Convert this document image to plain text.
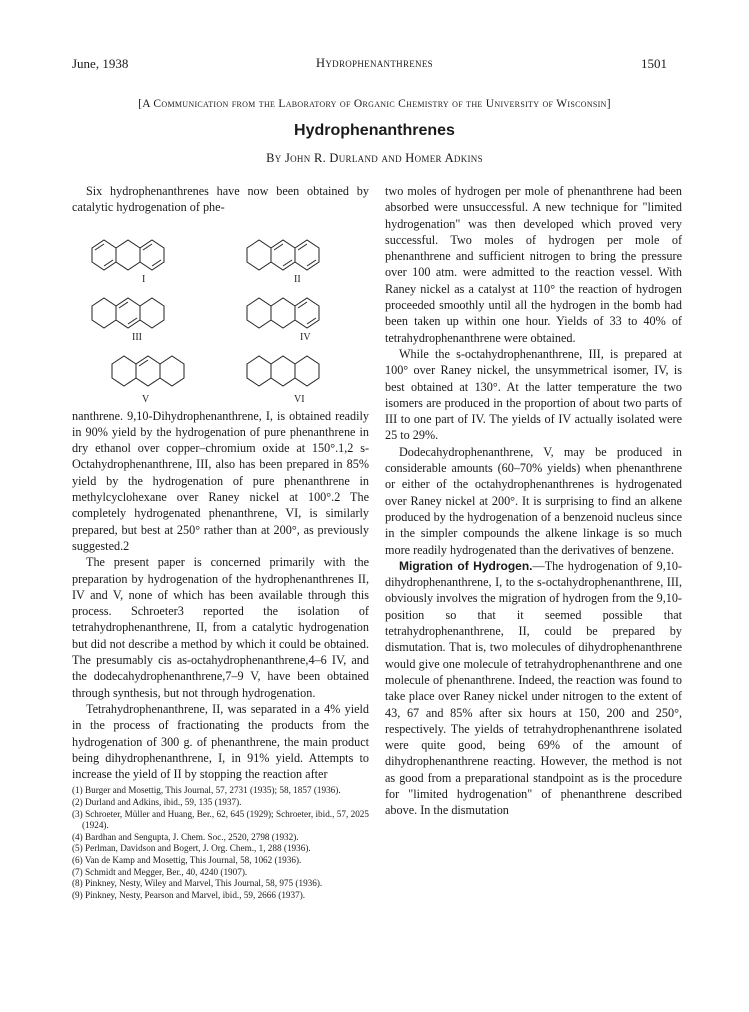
June, 1938	Hydrophenanthrenes	1501
[A Communication from the Laboratory of Organic Chemistry of the University of Wisconsin]
Hydrophenanthrenes
By John R. Durland and Homer Adkins

Six hydrophenanthrenes have now been obtained by catalytic hydrogenation of phe-

I	II
III	IV
V	VI

nanthrene. 9,10-Dihydrophenanthrene, I, is obtained readily in 90% yield by the hydrogenation of pure phenanthrene in dry ethanol over copper–chromium oxide at 150°.1,2 s-Octahydrophenanthrene, III, also has been prepared in 85% yield by the hydrogenation of pure phenanthrene in methylcyclohexane over Raney nickel at 100°.2 The completely hydrogenated phenanthrene, VI, is similarly prepared, but best at 250° rather than at 200°, as previously suggested.2

The present paper is concerned primarily with the preparation by hydrogenation of the hydrophenanthrenes II, IV and V, none of which has been available through this process. Schroeter3 reported the isolation of tetrahydrophenanthrene, II, from a catalytic hydrogenation but did not describe a method by which it could be obtained. The presumably cis as-octahydrophenanthrene,4–6 IV, and the dodecahydrophenanthrene,7–9 V, have been obtained through synthesis, but not through hydrogenation.

Tetrahydrophenanthrene, II, was separated in a 4% yield in the process of fractionating the products from the hydrogenation of 300 g. of phenanthrene, the main product being dihydrophenanthrene, I, in 91% yield. Attempts to increase the yield of II by stopping the reaction after

(1) Burger and Mosettig, This Journal, 57, 2731 (1935); 58, 1857 (1936).
(2) Durland and Adkins, ibid., 59, 135 (1937).
(3) Schroeter, Müller and Huang, Ber., 62, 645 (1929); Schroeter, ibid., 57, 2025 (1924).
(4) Bardhan and Sengupta, J. Chem. Soc., 2520, 2798 (1932).
(5) Perlman, Davidson and Bogert, J. Org. Chem., 1, 288 (1936).
(6) Van de Kamp and Mosettig, This Journal, 58, 1062 (1936).
(7) Schmidt and Megger, Ber., 40, 4240 (1907).
(8) Pinkney, Nesty, Wiley and Marvel, This Journal, 58, 975 (1936).
(9) Pinkney, Nesty, Pearson and Marvel, ibid., 59, 2666 (1937).

two moles of hydrogen per mole of phenanthrene had been absorbed were unsuccessful. A new technique for "limited hydrogenation" was then developed which proved very successful. Two moles of hydrogen per mole of phenanthrene and sufficient nitrogen to bring the pressure over 100 atm. were admitted to the reaction vessel. With Raney nickel as a catalyst at 110° the reaction of hydrogen proceeded smoothly until all the hydrogen in the bomb had been taken up within one hour. Yields of 33 to 40% of tetrahydrophenanthrene were obtained.

While the s-octahydrophenanthrene, III, is prepared at 100° over Raney nickel, the unsymmetrical isomer, IV, is best obtained at 130°. At the latter temperature the two isomers are produced in the proportion of about two parts of III to one part of IV. The yields of IV actually isolated were 25 to 29%.

Dodecahydrophenanthrene, V, may be produced in considerable amounts (60–70% yields) when phenanthrene or either of the octahydrophenanthrenes is hydrogenated over Raney nickel at 200°. It is surprising to find an alkene produced by the hydrogenation of a benzenoid nucleus since in the simpler compounds the alkene linkage is so much more readily hydrogenated than the derivatives of benzene.

Migration of Hydrogen.—The hydrogenation of 9,10-dihydrophenanthrene, I, to the s-octahydrophenanthrene, III, obviously involves the migration of hydrogen from the 9,10-position so that it seemed possible that tetrahydrophenanthrene, II, could be prepared by dismutation. That is, two molecules of dihydrophenanthrene would give one molecule of tetrahydrophenanthrene and one molecule of phenanthrene. Indeed, the reaction was found to take place over Raney nickel under nitrogen to the extent of 43, 67 and 85% after six hours at 150, 200 and 250°, respectively. The yields of tetrahydrophenanthrene isolated were quite good, being 69% of the amount of dihydrophenanthrene reacting. However, the method is not as good from a preparational standpoint as is the procedure for "limited hydrogenation" of phenanthrene described above. In the dismutation
